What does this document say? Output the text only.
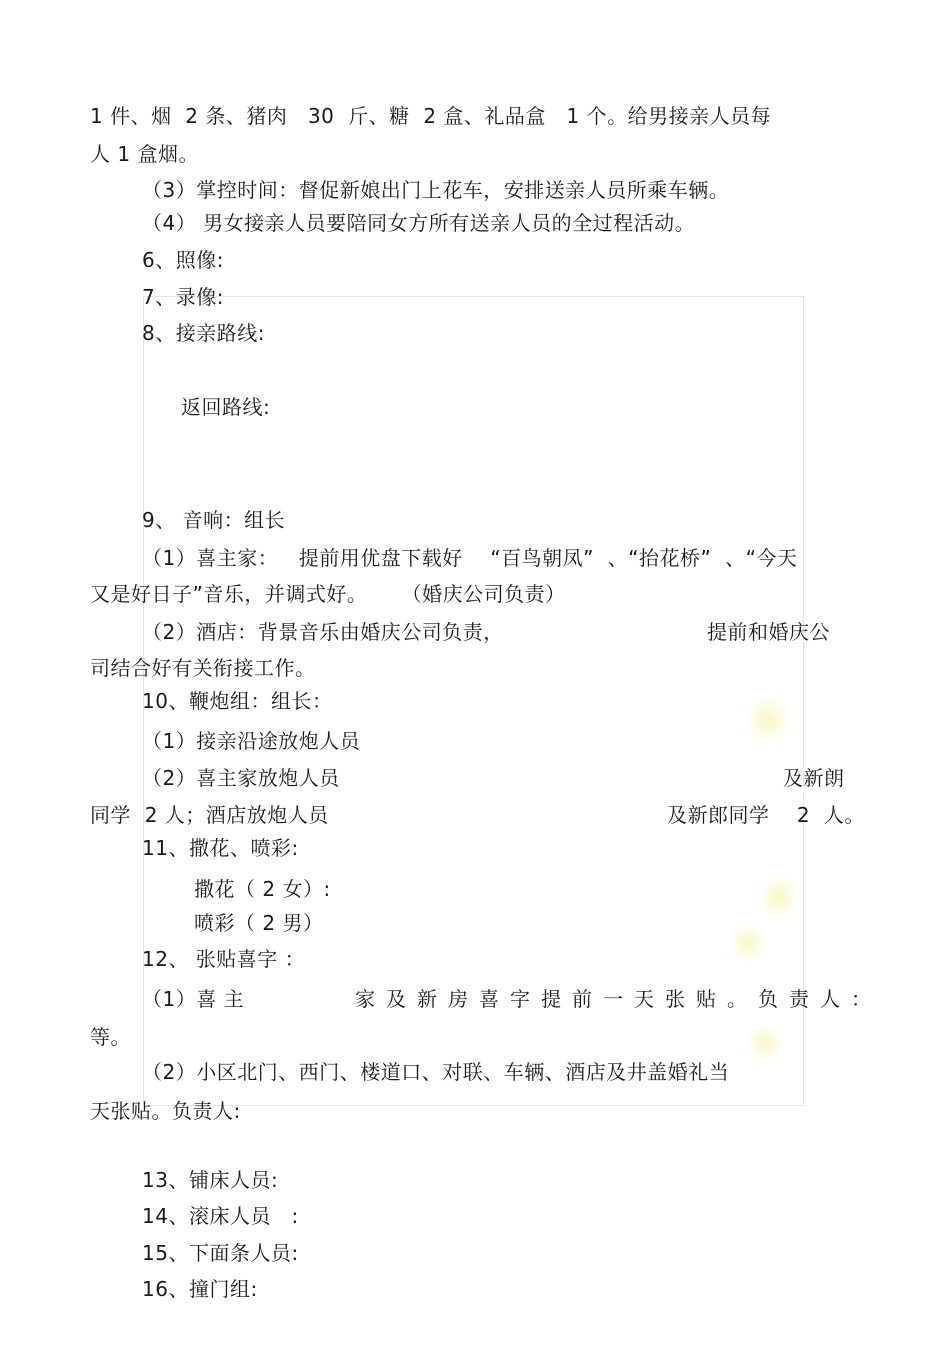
1 件、烟  2 条、猪肉   30  斤、糖  2 盒、礼品盒   1 个。给男接亲人员每
人 1 盒烟。
（3）掌控时间：督促新娘出门上花车，安排送亲人员所乘车辆。
（4） 男女接亲人员要陪同女方所有送亲人员的全过程活动。
6、照像:
7、录像:
8、接亲路线:
返回路线:
9、 音响：组长
（1）喜主家：   提前用优盘下载好    “百鸟朝凤”  、“抬花桥”  、“今天
又是好日子”音乐，并调式好。     （婚庆公司负责）
（2）酒店：背景音乐由婚庆公司负责，	提前和婚庆公
司结合好有关衔接工作。
10、鞭炮组：组长：
（1）接亲沿途放炮人员
（2）喜主家放炮人员	及新朗
同学  2 人；酒店放炮人员	及新郎同学    2  人。
11、撒花、喷彩:
撒花（ 2 女）:
喷彩（ 2 男）
12、 张贴喜字 ：
（1）喜 主	家及新房喜字提前一天张贴。负责人：
等。
（2）小区北门、西门、楼道口、对联、车辆、酒店及井盖婚礼当
天张贴。负责人:
13、铺床人员:
14、滚床人员   :
15、下面条人员:
16、撞门组:
